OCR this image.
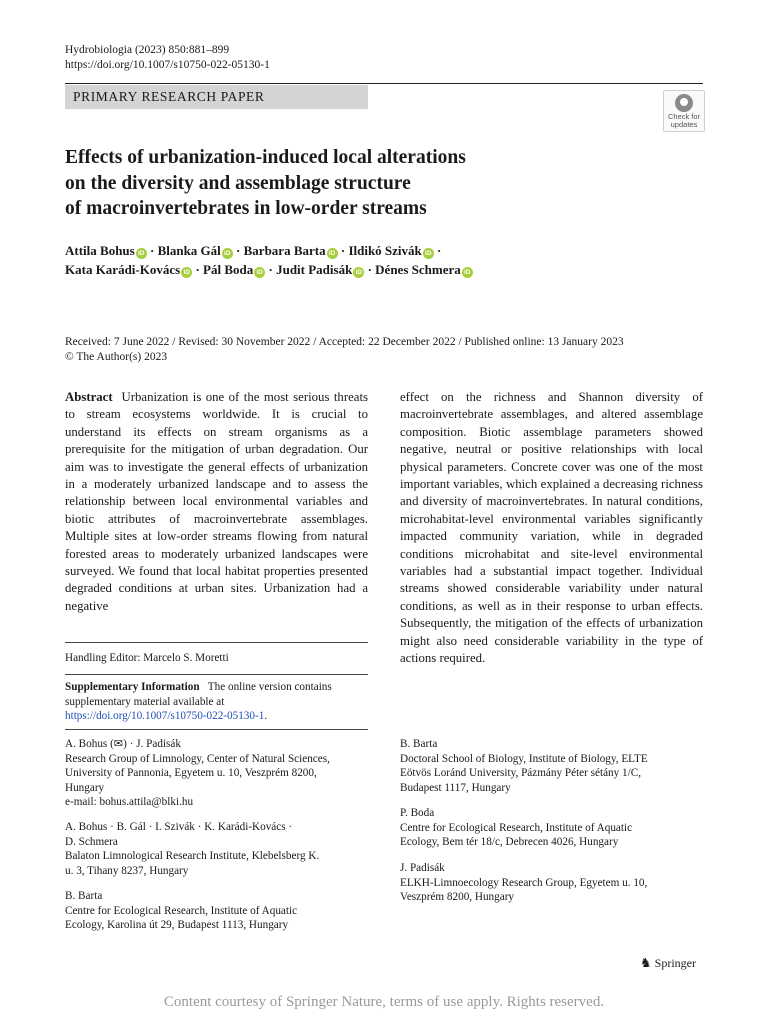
Hydrobiologia (2023) 850:881–899
https://doi.org/10.1007/s10750-022-05130-1
PRIMARY RESEARCH PAPER
Check for
updates
Effects of urbanization-induced local alterations
on the diversity and assemblage structure
of macroinvertebrates in low-order streams
Attila Bohus iD · Blanka Gál iD · Barbara Barta iD · Ildikó Szivák iD ·
Kata Karádi-Kovács iD · Pál Boda iD · Judit Padisák iD · Dénes Schmera iD
Received: 7 June 2022 / Revised: 30 November 2022 / Accepted: 22 December 2022 / Published online: 13 January 2023
© The Author(s) 2023
Abstract Urbanization is one of the most serious threats to stream ecosystems worldwide. It is crucial to understand its effects on stream organisms as a prerequisite for the mitigation of urban degradation. Our aim was to investigate the general effects of urbanization in a moderately urbanized landscape and to assess the relationship between local environmental variables and biotic attributes of macroinvertebrate assemblages. Multiple sites at low-order streams flowing from natural forested areas to moderately urbanized landscapes were surveyed. We found that local habitat properties presented degraded conditions at urban sites. Urbanization had a negative
effect on the richness and Shannon diversity of macroinvertebrate assemblages, and altered assemblage composition. Biotic assemblage parameters showed negative, neutral or positive relationships with local physical parameters. Concrete cover was one of the most important variables, which explained a decreasing richness and diversity of macroinvertebrates. In natural conditions, microhabitat-level environmental variables significantly impacted community variation, while in degraded conditions microhabitat and site-level environmental variables had a substantial impact together. Individual streams showed considerable variability under natural conditions, as well as in their response to urban effects. Subsequently, the mitigation of the effects of urbanization might also need considerable variability in the type of actions required.
Handling Editor: Marcelo S. Moretti
Supplementary Information The online version contains supplementary material available at https://doi.org/10.1007/s10750-022-05130-1.
A. Bohus (✉) · J. Padisák
Research Group of Limnology, Center of Natural Sciences,
University of Pannonia, Egyetem u. 10, Veszprém 8200,
Hungary
e-mail: bohus.attila@blki.hu
A. Bohus · B. Gál · I. Szivák · K. Karádi-Kovács ·
D. Schmera
Balaton Limnological Research Institute, Klebelsberg K.
u. 3, Tihany 8237, Hungary
B. Barta
Centre for Ecological Research, Institute of Aquatic
Ecology, Karolina út 29, Budapest 1113, Hungary
B. Barta
Doctoral School of Biology, Institute of Biology, ELTE
Eötvös Loránd University, Pázmány Péter sétány 1/C,
Budapest 1117, Hungary
P. Boda
Centre for Ecological Research, Institute of Aquatic
Ecology, Bem tér 18/c, Debrecen 4026, Hungary
J. Padisák
ELKH-Limnoecology Research Group, Egyetem u. 10,
Veszprém 8200, Hungary
♞ Springer
Content courtesy of Springer Nature, terms of use apply. Rights reserved.
